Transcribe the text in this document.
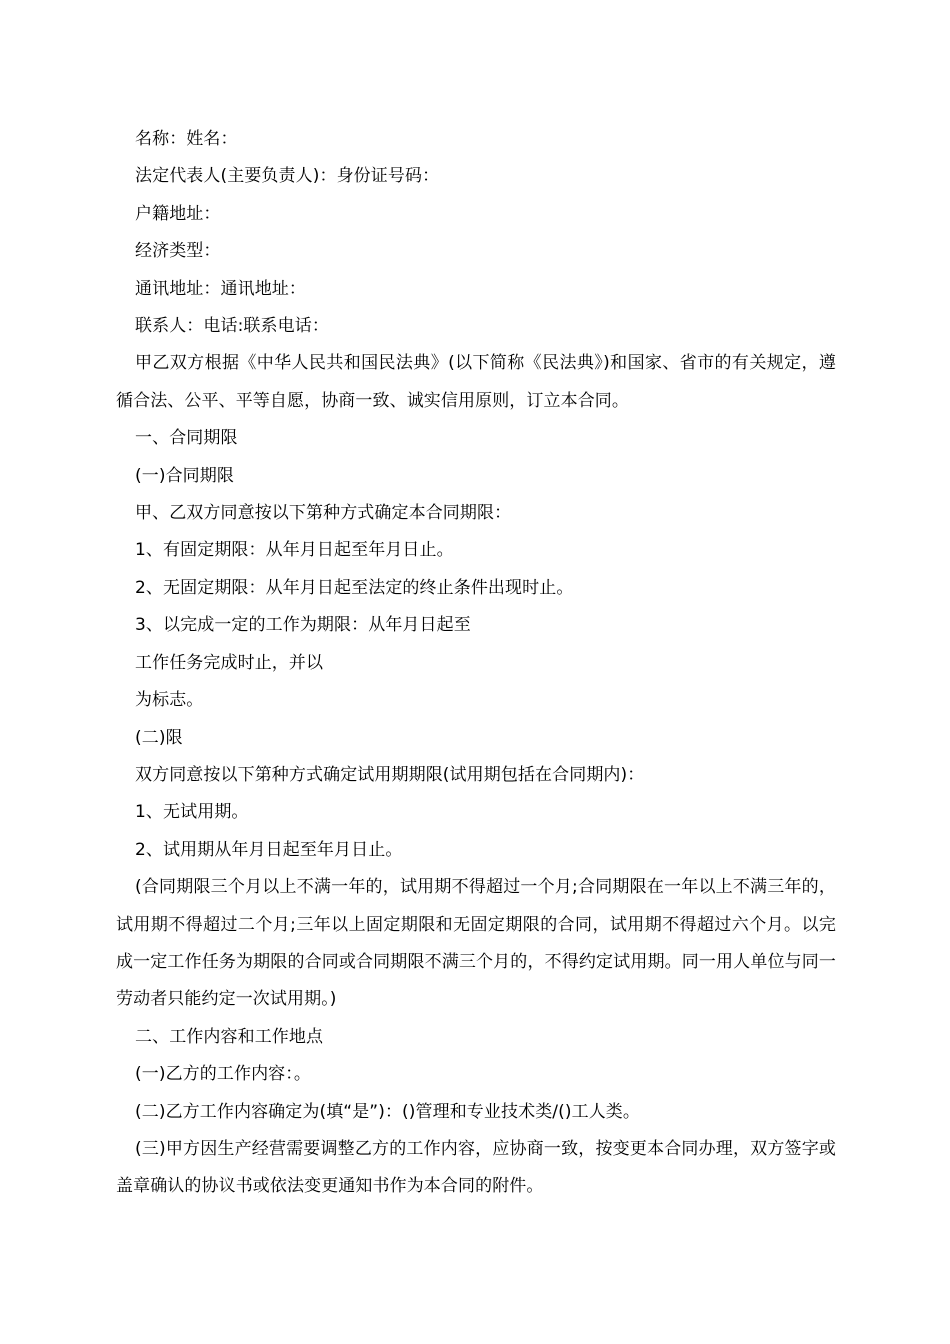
名称：姓名：

法定代表人(主要负责人)：身份证号码：

户籍地址：

经济类型：

通讯地址：通讯地址：

联系人：电话:联系电话：

甲乙双方根据《中华人民共和国民法典》(以下简称《民法典》)和国家、省市的有关规定，遵循合法、公平、平等自愿，协商一致、诚实信用原则，订立本合同。

一、合同期限

(一)合同期限

甲、乙双方同意按以下第种方式确定本合同期限：

1、有固定期限：从年月日起至年月日止。

2、无固定期限：从年月日起至法定的终止条件出现时止。

3、以完成一定的工作为期限：从年月日起至

工作任务完成时止，并以

为标志。

(二)限

双方同意按以下第种方式确定试用期期限(试用期包括在合同期内)：

1、无试用期。

2、试用期从年月日起至年月日止。

(合同期限三个月以上不满一年的，试用期不得超过一个月;合同期限在一年以上不满三年的，试用期不得超过二个月;三年以上固定期限和无固定期限的合同，试用期不得超过六个月。以完成一定工作任务为期限的合同或合同期限不满三个月的，不得约定试用期。同一用人单位与同一劳动者只能约定一次试用期。)

二、工作内容和工作地点

(一)乙方的工作内容：。

(二)乙方工作内容确定为(填“是”)：()管理和专业技术类/()工人类。

(三)甲方因生产经营需要调整乙方的工作内容，应协商一致，按变更本合同办理，双方签字或盖章确认的协议书或依法变更通知书作为本合同的附件。
